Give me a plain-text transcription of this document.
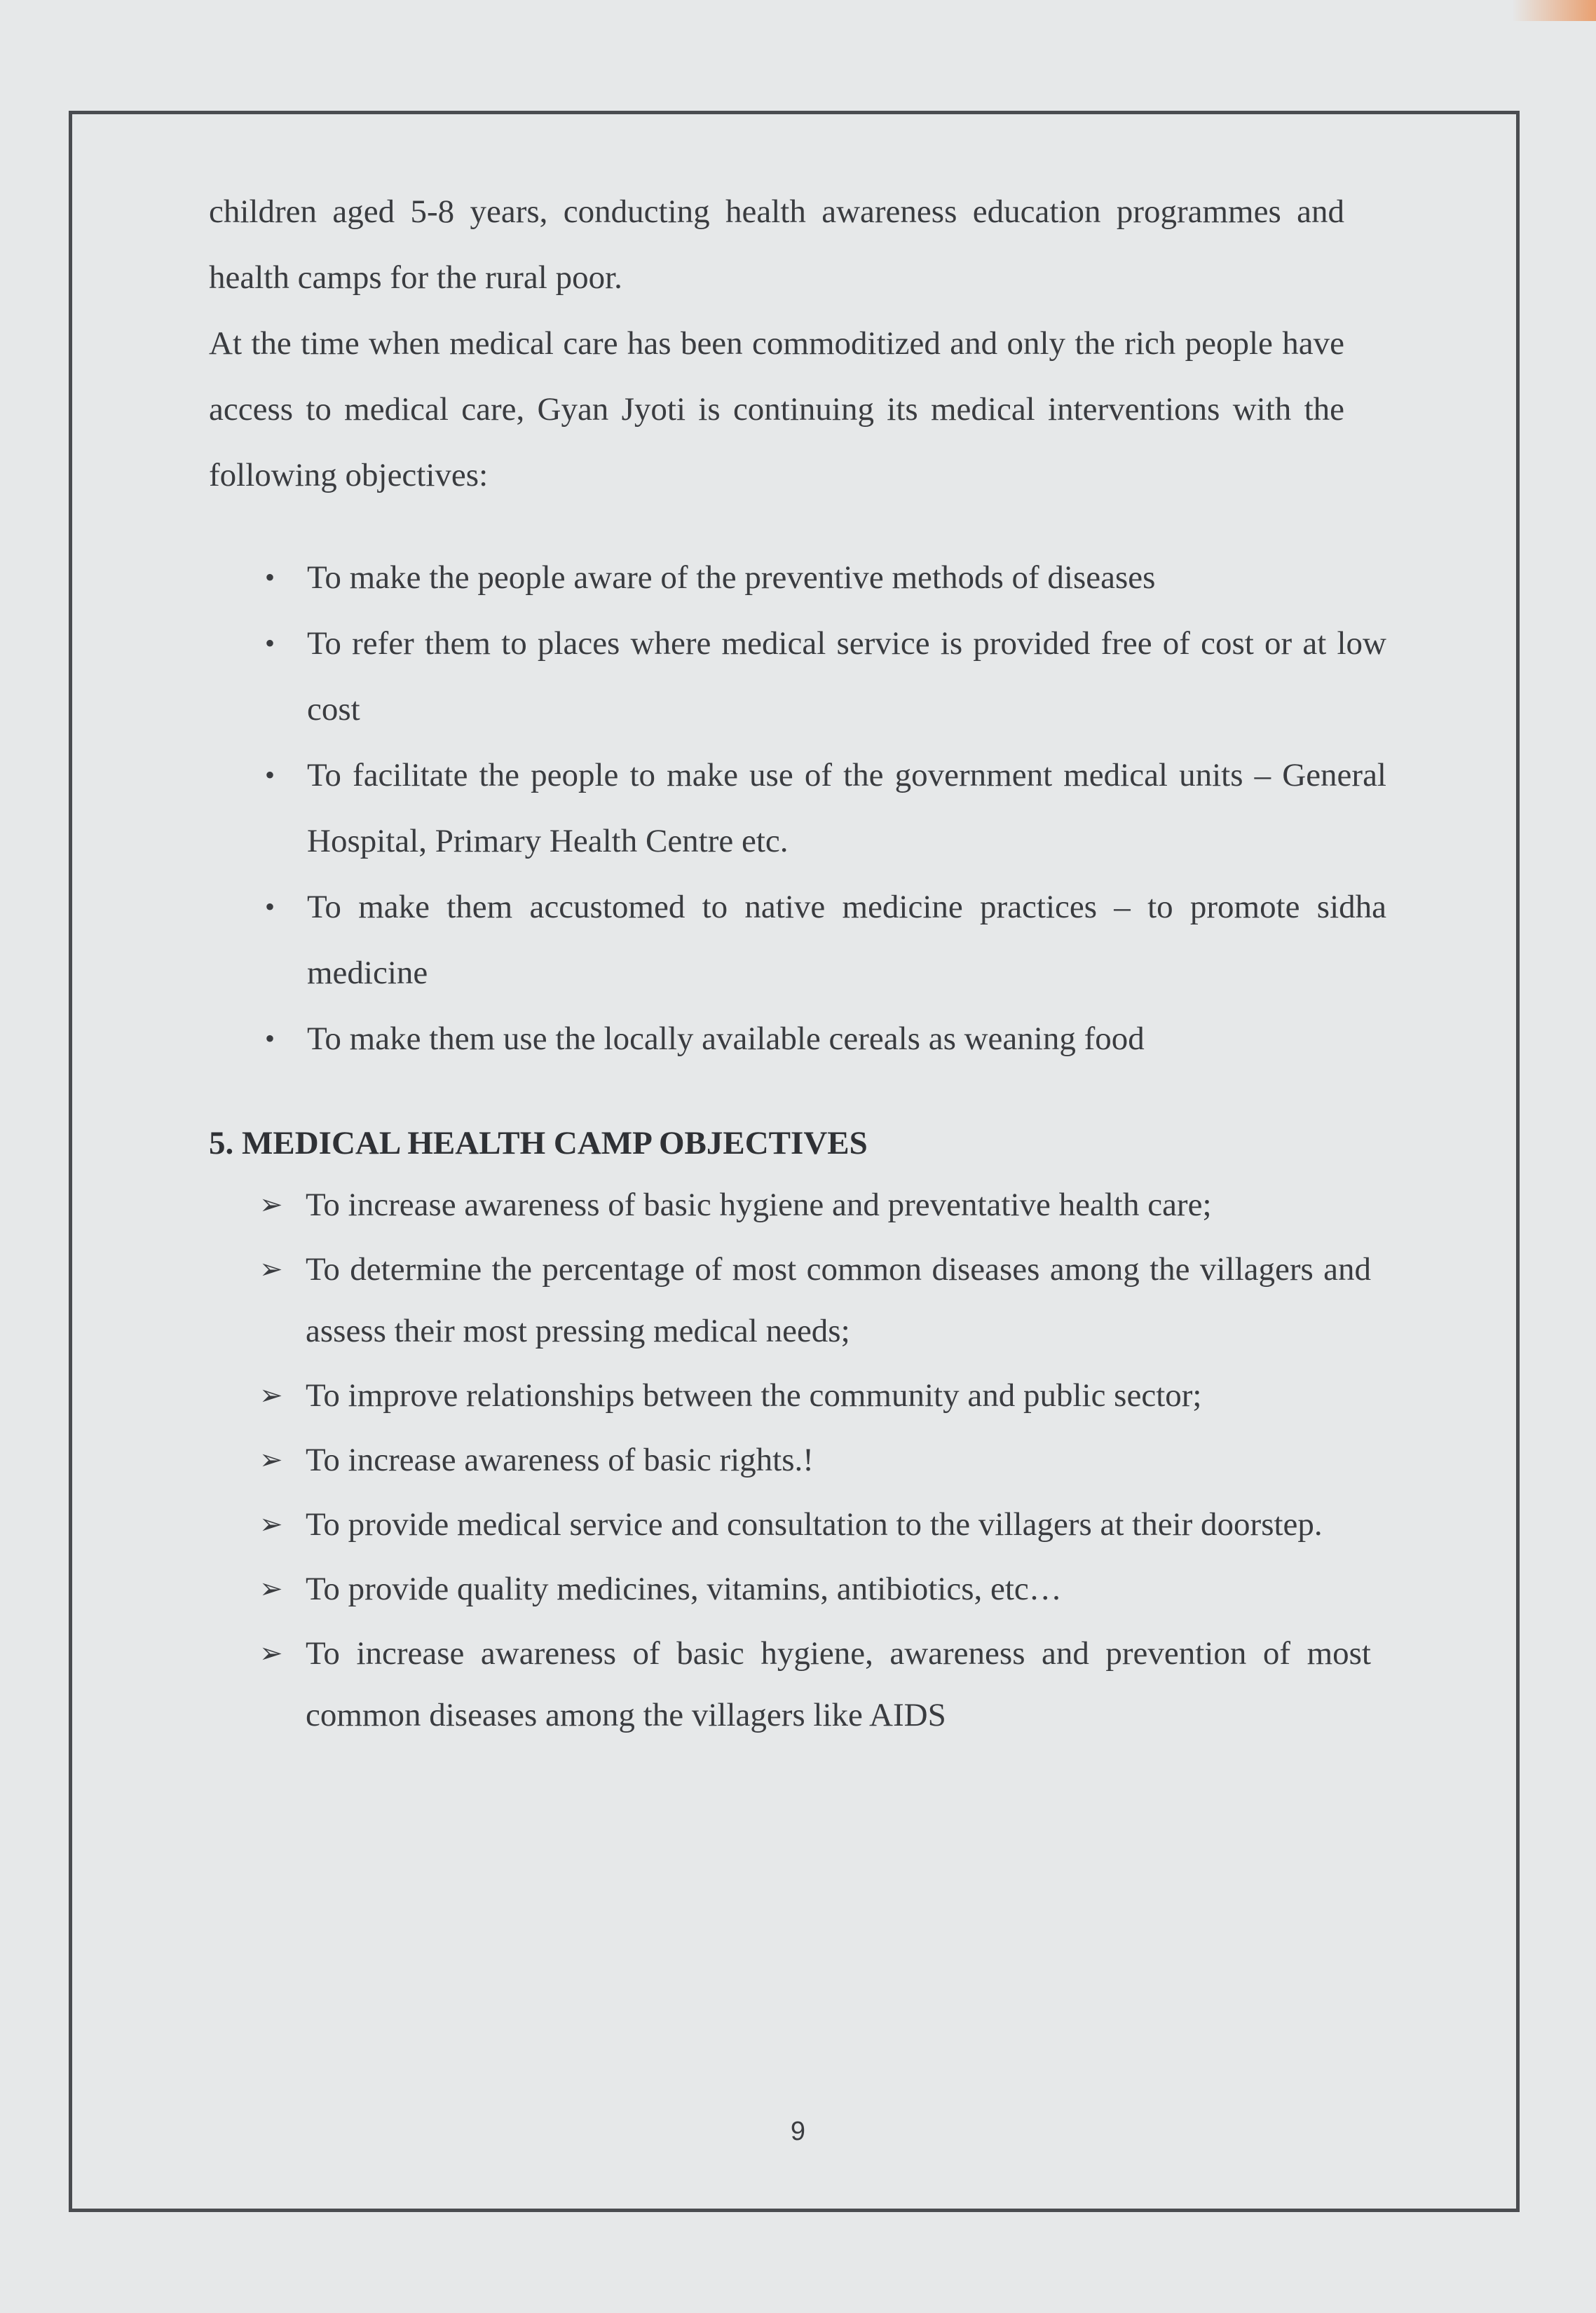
children aged 5-8 years, conducting health awareness education programmes and health camps for the rural poor.

At the time when medical care has been commoditized and only the rich people have access to medical care, Gyan Jyoti is continuing its medical interventions with the following objectives:

• To make the people aware of the preventive methods of diseases
• To refer them to places where medical service is provided free of cost or at low cost
• To facilitate the people to make use of the government medical units – General Hospital, Primary Health Centre etc.
• To make them accustomed to native medicine practices – to promote sidha medicine
• To make them use the locally available cereals as weaning food
5. MEDICAL HEALTH CAMP OBJECTIVES
➢ To increase awareness of basic hygiene and preventative health care;
➢ To determine the percentage of most common diseases among the villagers and assess their most pressing medical needs;
➢ To improve relationships between the community and public sector;
➢ To increase awareness of basic rights.!
➢ To provide medical service and consultation to the villagers at their doorstep.
➢ To provide quality medicines, vitamins, antibiotics, etc…
➢ To increase awareness of basic hygiene, awareness and prevention of most common diseases among the villagers like AIDS
9
